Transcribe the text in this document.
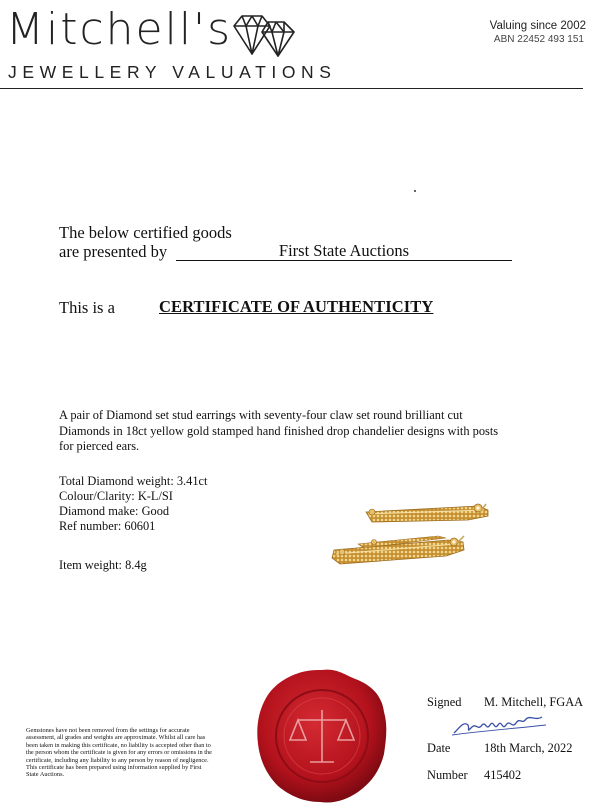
Mitchell's
JEWELLERY VALUATIONS
Valuing since 2002
ABN 22452 493 151
The below certified goods
are presented by	First State Auctions
This is a	CERTIFICATE OF AUTHENTICITY
A pair of Diamond set stud earrings with seventy-four claw set round brilliant cut Diamonds in 18ct yellow gold stamped hand finished drop chandelier designs with posts for pierced ears.
Total Diamond weight: 3.41ct
Colour/Clarity: K-L/SI
Diamond make: Good
Ref number: 60601
Item weight: 8.4g
Gemstones have not been removed from the settings for accurate assessment, all grades and weights are approximate. Whilst all care has been taken in making this certificate, no liability is accepted other than to the person whom the certificate is given for any errors or omissions in the certificate, including any liability to any person by reason of negligence. This certificate has been prepared using information supplied by First State Auctions.
Signed M. Mitchell, FGAA
Date	18th March, 2022
Number 415402
